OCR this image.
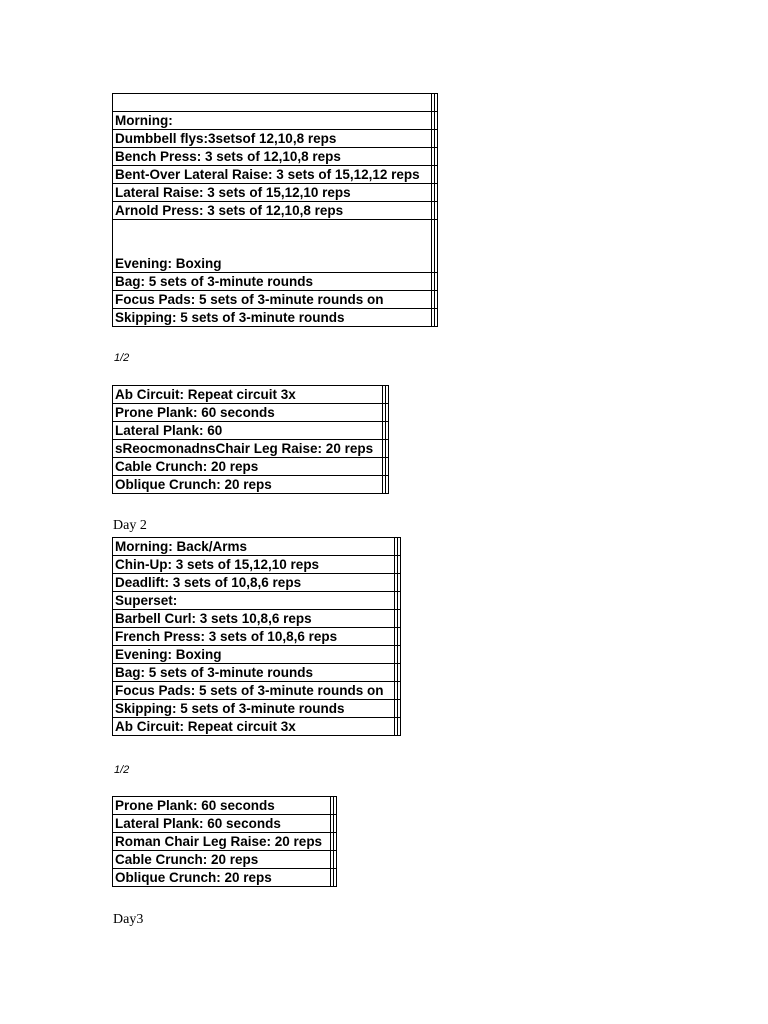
Morning:		
Dumbbell flys:3setsof 12,10,8 reps		
Bench Press: 3 sets of 12,10,8 reps		
Bent-Over Lateral Raise: 3 sets of 15,12,12 reps		
Lateral Raise: 3 sets of 15,12,10 reps		
Arnold Press: 3 sets of 12,10,8 reps		
Evening: Boxing		
Bag: 5 sets of 3-minute rounds		
Focus Pads: 5 sets of 3-minute rounds on		
Skipping: 5 sets of 3-minute rounds		
1/2
Ab Circuit: Repeat circuit 3x		
Prone Plank: 60 seconds		
Lateral Plank: 60		
sReocmonadnsChair Leg Raise: 20 reps		
Cable Crunch: 20 reps		
Oblique Crunch: 20 reps		
Day 2
Morning: Back/Arms		
Chin-Up: 3 sets of 15,12,10 reps		
Deadlift: 3 sets of 10,8,6 reps		
Superset:		
Barbell Curl: 3 sets 10,8,6 reps		
French Press: 3 sets of 10,8,6 reps		
Evening: Boxing		
Bag: 5 sets of 3-minute rounds		
Focus Pads: 5 sets of 3-minute rounds on		
Skipping: 5 sets of 3-minute rounds		
Ab Circuit: Repeat circuit 3x		
1/2
Prone Plank: 60 seconds		
Lateral Plank: 60 seconds		
Roman Chair Leg Raise: 20 reps		
Cable Crunch: 20 reps		
Oblique Crunch: 20 reps		
Day3
